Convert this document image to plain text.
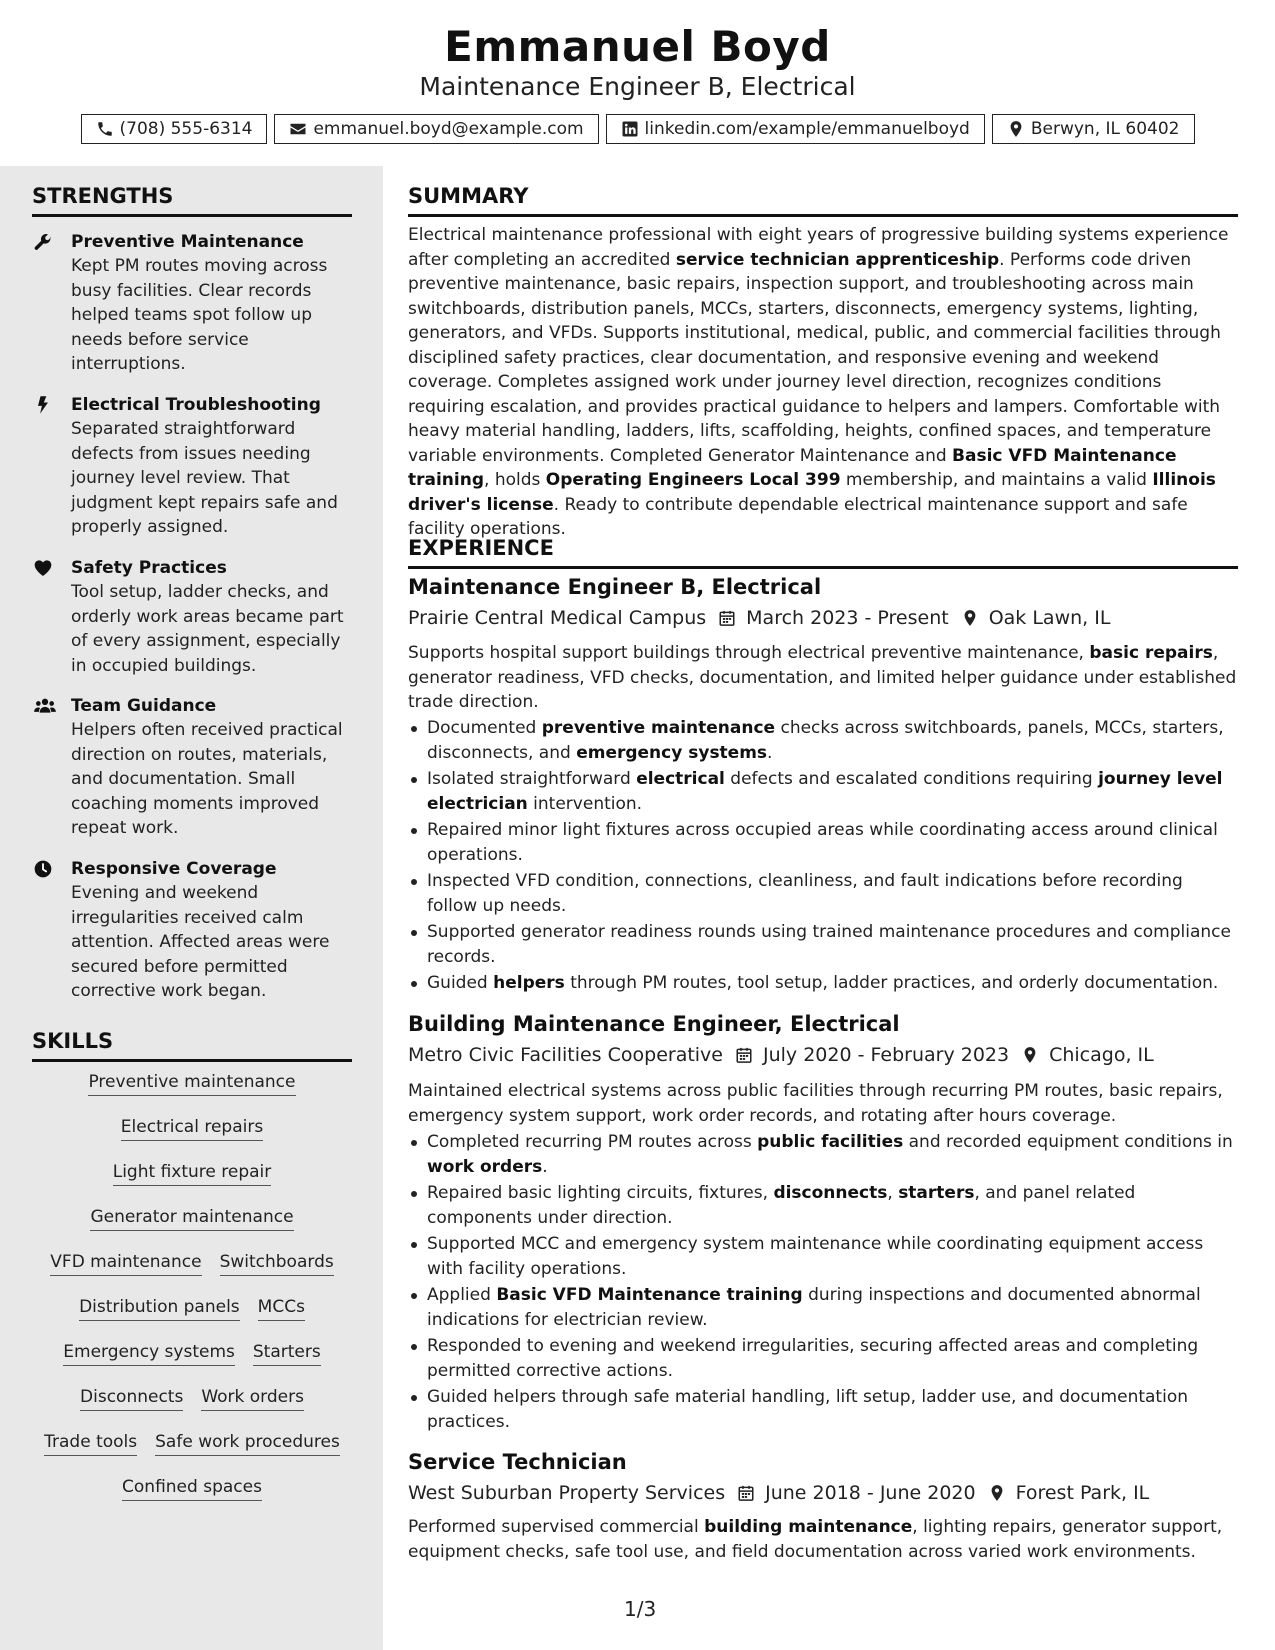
Emmanuel Boyd
Maintenance Engineer B, Electrical
(708) 555-6314	emmanuel.boyd@example.com	linkedin.com/example/emmanuelboyd	Berwyn, IL 60402
STRENGTHS
Preventive Maintenance
Kept PM routes moving across busy facilities. Clear records helped teams spot follow up needs before service interruptions.
Electrical Troubleshooting
Separated straightforward defects from issues needing journey level review. That judgment kept repairs safe and properly assigned.
Safety Practices
Tool setup, ladder checks, and orderly work areas became part of every assignment, especially in occupied buildings.
Team Guidance
Helpers often received practical direction on routes, materials, and documentation. Small coaching moments improved repeat work.
Responsive Coverage
Evening and weekend irregularities received calm attention. Affected areas were secured before permitted corrective work began.
SKILLS
Preventive maintenance
Electrical repairs
Light fixture repair
Generator maintenance
VFD maintenance Switchboards
Distribution panels MCCs
Emergency systems Starters
Disconnects Work orders
Trade tools Safe work procedures
Confined spaces
SUMMARY
Electrical maintenance professional with eight years of progressive building systems experience after completing an accredited service technician apprenticeship. Performs code driven preventive maintenance, basic repairs, inspection support, and troubleshooting across main switchboards, distribution panels, MCCs, starters, disconnects, emergency systems, lighting, generators, and VFDs. Supports institutional, medical, public, and commercial facilities through disciplined safety practices, clear documentation, and responsive evening and weekend coverage. Completes assigned work under journey level direction, recognizes conditions requiring escalation, and provides practical guidance to helpers and lampers. Comfortable with heavy material handling, ladders, lifts, scaffolding, heights, confined spaces, and temperature variable environments. Completed Generator Maintenance and Basic VFD Maintenance training, holds Operating Engineers Local 399 membership, and maintains a valid Illinois driver's license. Ready to contribute dependable electrical maintenance support and safe facility operations.
EXPERIENCE
Maintenance Engineer B, Electrical
Prairie Central Medical Campus March 2023 - Present Oak Lawn, IL
Supports hospital support buildings through electrical preventive maintenance, basic repairs, generator readiness, VFD checks, documentation, and limited helper guidance under established trade direction.
Documented preventive maintenance checks across switchboards, panels, MCCs, starters, disconnects, and emergency systems.
Isolated straightforward electrical defects and escalated conditions requiring journey level electrician intervention.
Repaired minor light fixtures across occupied areas while coordinating access around clinical operations.
Inspected VFD condition, connections, cleanliness, and fault indications before recording follow up needs.
Supported generator readiness rounds using trained maintenance procedures and compliance records.
Guided helpers through PM routes, tool setup, ladder practices, and orderly documentation.
Building Maintenance Engineer, Electrical
Metro Civic Facilities Cooperative July 2020 - February 2023 Chicago, IL
Maintained electrical systems across public facilities through recurring PM routes, basic repairs, emergency system support, work order records, and rotating after hours coverage.
Completed recurring PM routes across public facilities and recorded equipment conditions in work orders.
Repaired basic lighting circuits, fixtures, disconnects, starters, and panel related components under direction.
Supported MCC and emergency system maintenance while coordinating equipment access with facility operations.
Applied Basic VFD Maintenance training during inspections and documented abnormal indications for electrician review.
Responded to evening and weekend irregularities, securing affected areas and completing permitted corrective actions.
Guided helpers through safe material handling, lift setup, ladder use, and documentation practices.
Service Technician
West Suburban Property Services June 2018 - June 2020 Forest Park, IL
Performed supervised commercial building maintenance, lighting repairs, generator support, equipment checks, safe tool use, and field documentation across varied work environments.
1/3
